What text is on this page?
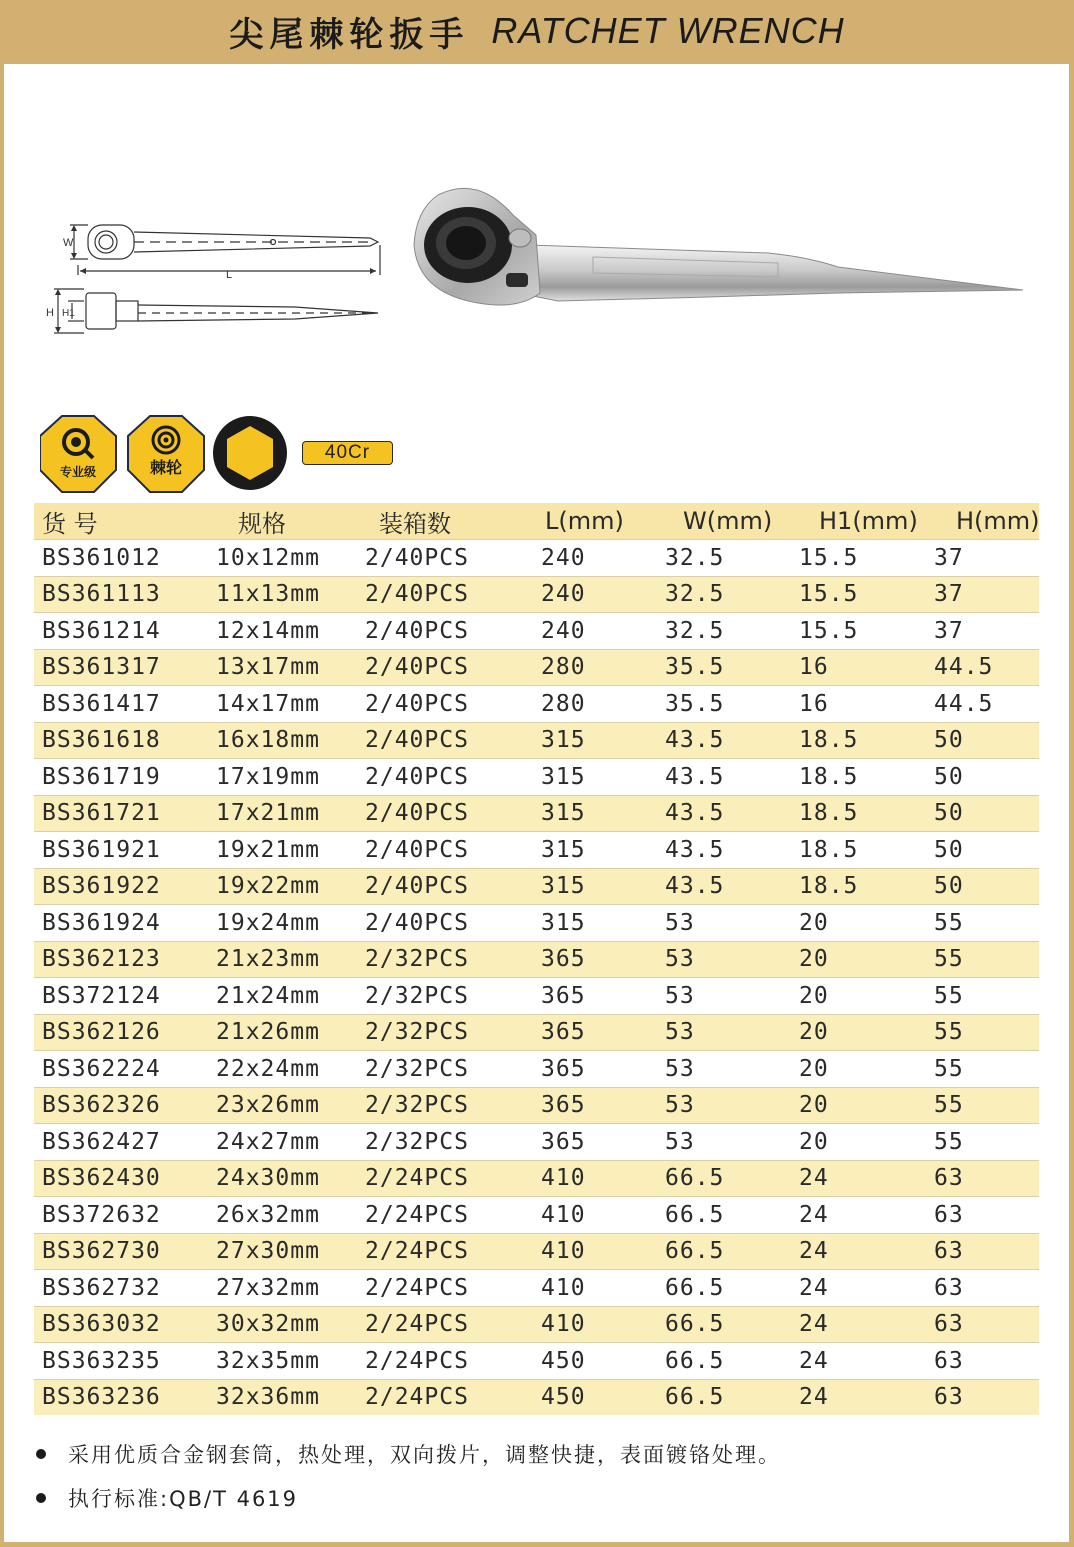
尖尾棘轮扳手 RATCHET WRENCH
W
L
H H1
专业级	棘轮
40Cr
货 号	规格	装箱数	L(mm)	W(mm)	H1(mm)	H(mm)
BS361012	10x12mm	2/40PCS	240	32.5	15.5	37
BS361113	11x13mm	2/40PCS	240	32.5	15.5	37
BS361214	12x14mm	2/40PCS	240	32.5	15.5	37
BS361317	13x17mm	2/40PCS	280	35.5	16	44.5
BS361417	14x17mm	2/40PCS	280	35.5	16	44.5
BS361618	16x18mm	2/40PCS	315	43.5	18.5	50
BS361719	17x19mm	2/40PCS	315	43.5	18.5	50
BS361721	17x21mm	2/40PCS	315	43.5	18.5	50
BS361921	19x21mm	2/40PCS	315	43.5	18.5	50
BS361922	19x22mm	2/40PCS	315	43.5	18.5	50
BS361924	19x24mm	2/40PCS	315	53	20	55
BS362123	21x23mm	2/32PCS	365	53	20	55
BS372124	21x24mm	2/32PCS	365	53	20	55
BS362126	21x26mm	2/32PCS	365	53	20	55
BS362224	22x24mm	2/32PCS	365	53	20	55
BS362326	23x26mm	2/32PCS	365	53	20	55
BS362427	24x27mm	2/32PCS	365	53	20	55
BS362430	24x30mm	2/24PCS	410	66.5	24	63
BS372632	26x32mm	2/24PCS	410	66.5	24	63
BS362730	27x30mm	2/24PCS	410	66.5	24	63
BS362732	27x32mm	2/24PCS	410	66.5	24	63
BS363032	30x32mm	2/24PCS	410	66.5	24	63
BS363235	32x35mm	2/24PCS	450	66.5	24	63
BS363236	32x36mm	2/24PCS	450	66.5	24	63
采用优质合金钢套筒，热处理，双向拨片，调整快捷，表面镀铬处理。
执行标准:QB/T 4619
